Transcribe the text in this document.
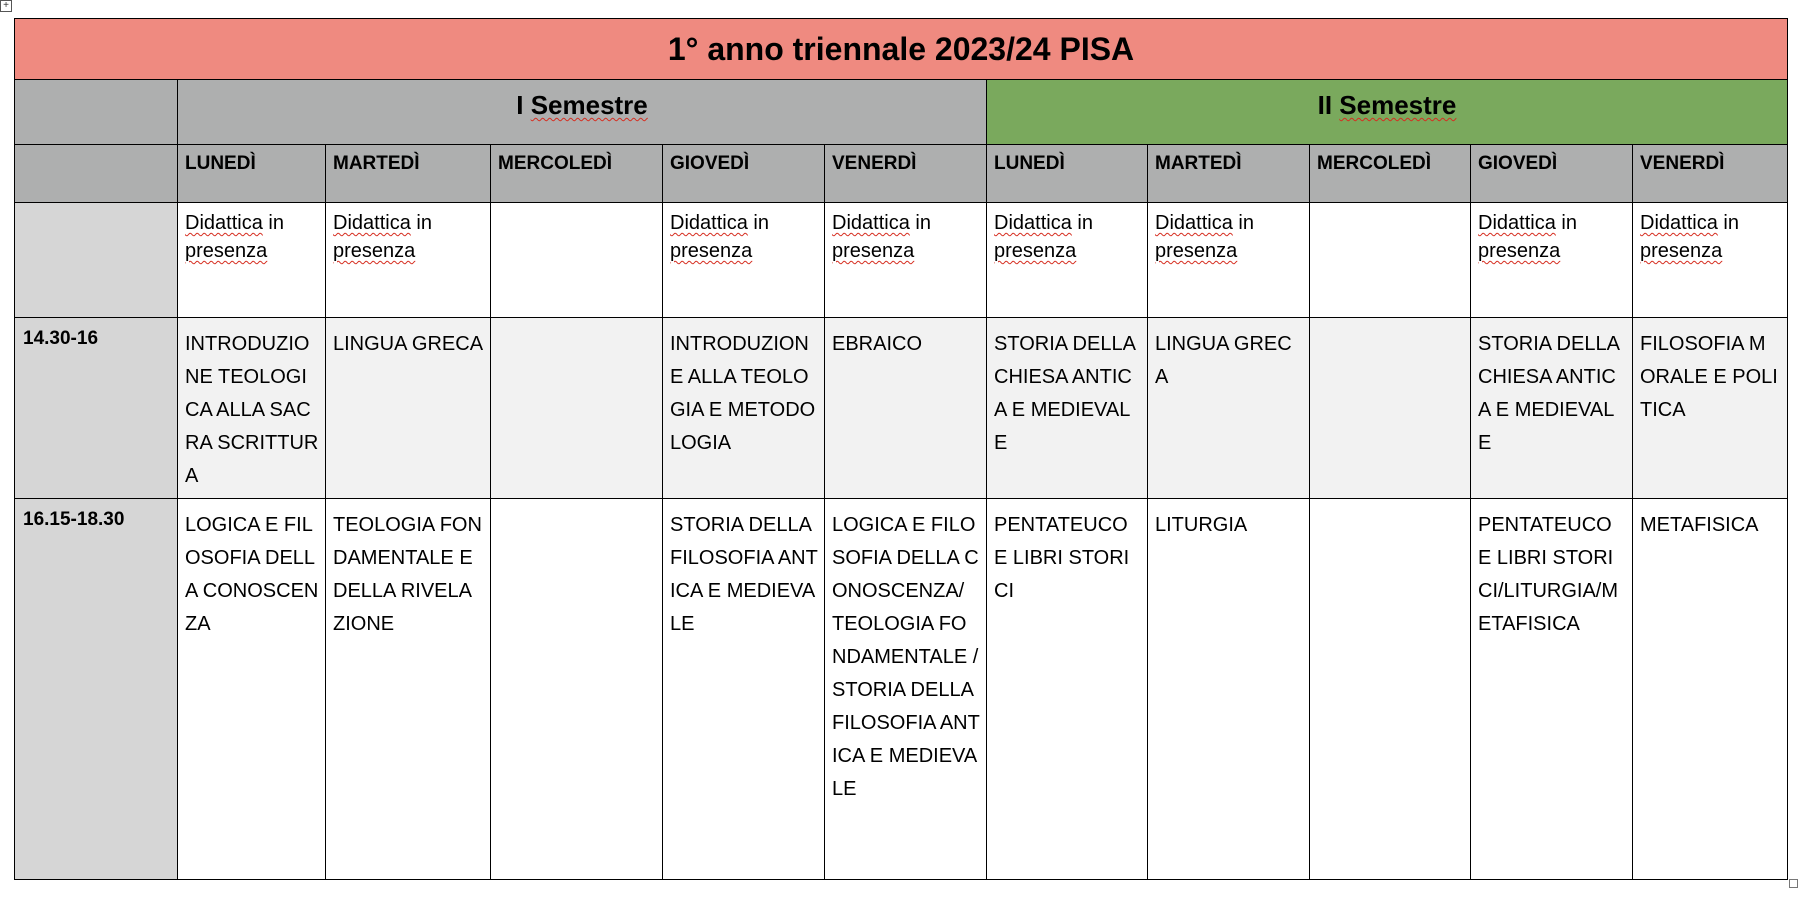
+
1° anno triennale 2023/24 PISA										
	I Semestre					II Semestre				
	LUNEDÌ	MARTEDÌ	MERCOLEDÌ	GIOVEDÌ	VENERDÌ	LUNEDÌ	MARTEDÌ	MERCOLEDÌ	GIOVEDÌ	VENERDÌ
	Didattica in presenza	Didattica in presenza		Didattica in presenza	Didattica in presenza	Didattica in presenza	Didattica in presenza		Didattica in presenza	Didattica in presenza
14.30-16	INTRODUZIONE TEOLOGICA ALLA SACRA SCRITTURA	LINGUA GRECA		INTRODUZIONE ALLA TEOLOGIA E METODOLOGIA	EBRAICO	STORIA DELLA CHIESA ANTICA E MEDIEVALE	LINGUA GRECA		STORIA DELLA CHIESA ANTICA E MEDIEVALE	FILOSOFIA MORALE E POLITICA
16.15-18.30	LOGICA E FILOSOFIA DELLA CONOSCENZA	TEOLOGIA FONDAMENTALE E DELLA RIVELAZIONE		STORIA DELLA FILOSOFIA ANTICA E MEDIEVALE	LOGICA E FILOSOFIA DELLA CONOSCENZA/ TEOLOGIA FONDAMENTALE / STORIA DELLA FILOSOFIA ANTICA E MEDIEVALE	PENTATEUCO E LIBRI STORICI	LITURGIA		PENTATEUCO E LIBRI STORICI/LITURGIA/METAFISICA	METAFISICA
